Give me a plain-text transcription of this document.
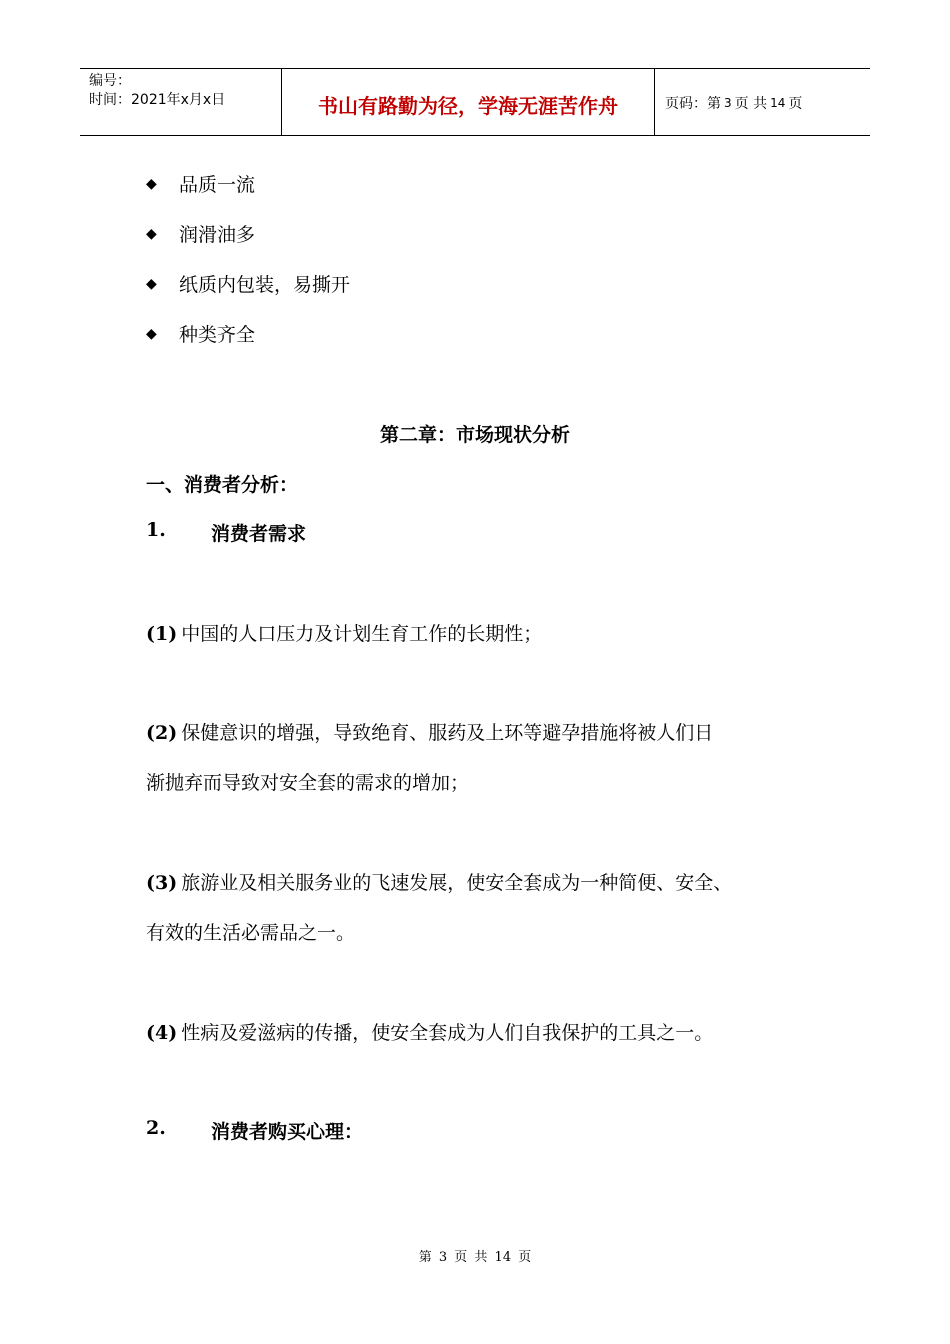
编号：
时间：2021年x月x日	书山有路勤为径，学海无涯苦作舟	页码：第 3 页 共 14 页
◆ 品质一流
◆ 润滑油多
◆ 纸质内包装，易撕开
◆ 种类齐全
第二章：市场现状分析
一、消费者分析：
1.	消费者需求
(1) 中国的人口压力及计划生育工作的长期性；
(2) 保健意识的增强，导致绝育、服药及上环等避孕措施将被人们日
渐抛弃而导致对安全套的需求的增加；
(3) 旅游业及相关服务业的飞速发展，使安全套成为一种简便、安全、
有效的生活必需品之一。
(4) 性病及爱滋病的传播，使安全套成为人们自我保护的工具之一。
2.	消费者购买心理：
第 3 页 共 14 页
